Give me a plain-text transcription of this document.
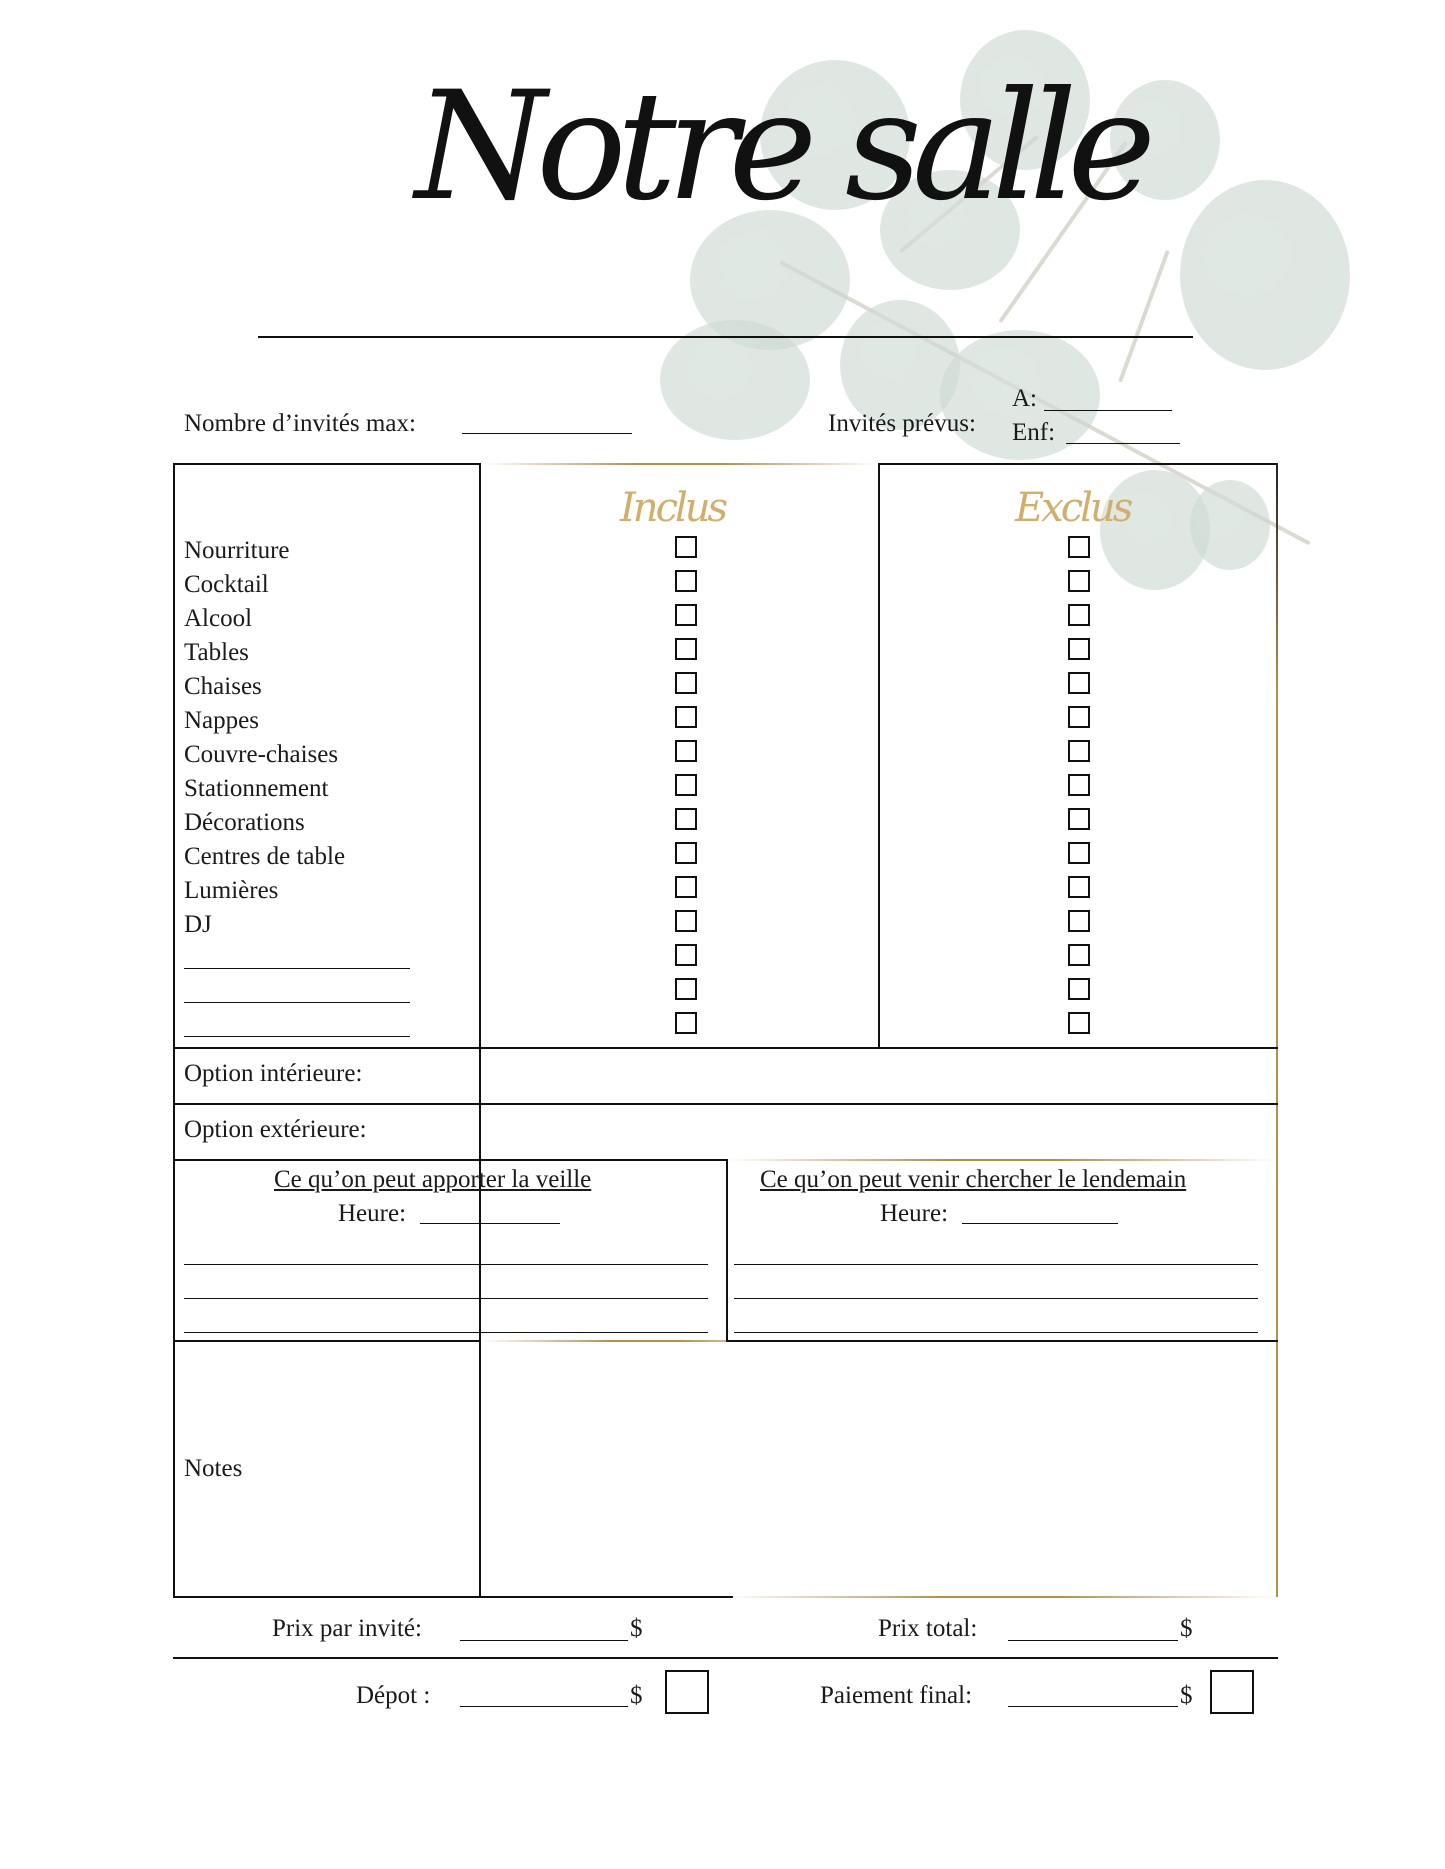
Notre salle
Nombre d’invités max:	Invités prévus:
A:
Enf:
Inclus	Exclus
Nourriture
Cocktail
Alcool
Tables
Chaises
Nappes
Couvre-chaises
Stationnement
Décorations
Centres de table
Lumières
DJ
Option intérieure:
Option extérieure:
Ce qu’on peut apporter la veille
Heure:
Ce qu’on peut venir chercher le lendemain
Heure:
Notes
Prix par invité:	$	Prix total:	$
Dépot :	$	Paiement final:	$
